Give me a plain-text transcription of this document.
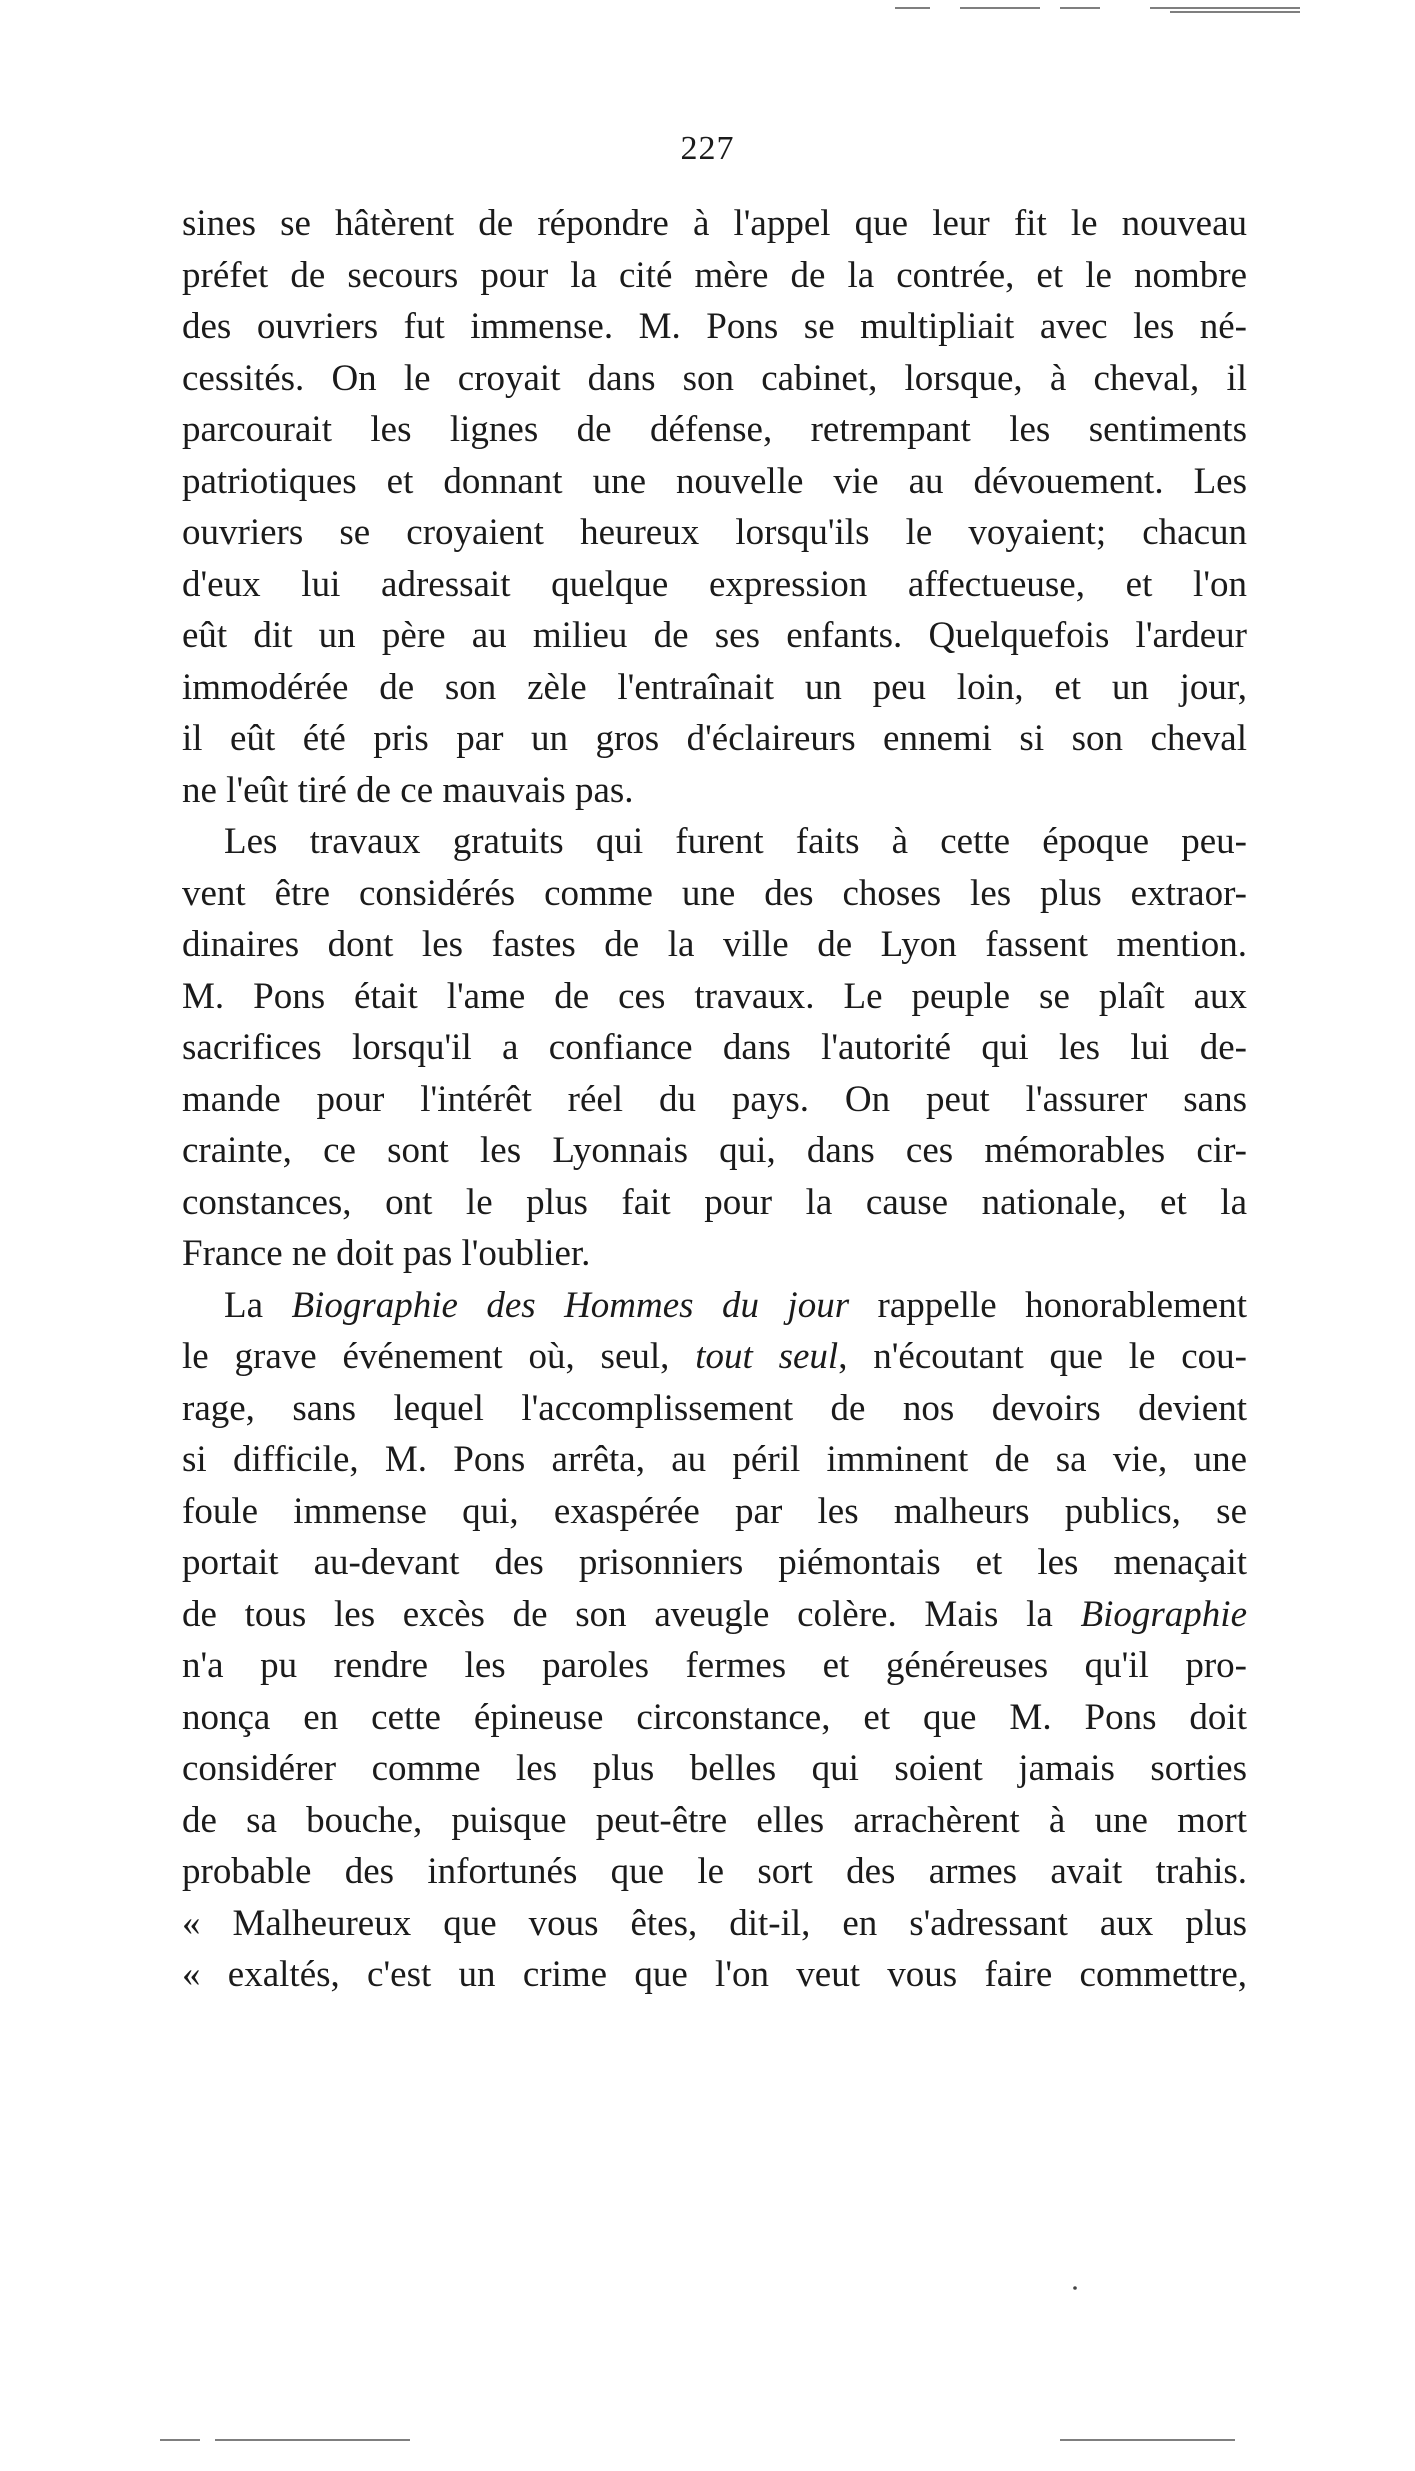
227
sines se hâtèrent de répondre à l'appel que leur fit le nouveau
préfet de secours pour la cité mère de la contrée, et le nombre
des ouvriers fut immense. M. Pons se multipliait avec les né-
cessités. On le croyait dans son cabinet, lorsque, à cheval, il
parcourait les lignes de défense, retrempant les sentiments
patriotiques et donnant une nouvelle vie au dévouement. Les
ouvriers se croyaient heureux lorsqu'ils le voyaient; chacun
d'eux lui adressait quelque expression affectueuse, et l'on
eût dit un père au milieu de ses enfants. Quelquefois l'ardeur
immodérée de son zèle l'entraînait un peu loin, et un jour,
il eût été pris par un gros d'éclaireurs ennemi si son cheval
ne l'eût tiré de ce mauvais pas.
Les travaux gratuits qui furent faits à cette époque peu-
vent être considérés comme une des choses les plus extraor-
dinaires dont les fastes de la ville de Lyon fassent mention.
M. Pons était l'ame de ces travaux. Le peuple se plaît aux
sacrifices lorsqu'il a confiance dans l'autorité qui les lui de-
mande pour l'intérêt réel du pays. On peut l'assurer sans
crainte, ce sont les Lyonnais qui, dans ces mémorables cir-
constances, ont le plus fait pour la cause nationale, et la
France ne doit pas l'oublier.
La Biographie des Hommes du jour rappelle honorablement
le grave événement où, seul, tout seul, n'écoutant que le cou-
rage, sans lequel l'accomplissement de nos devoirs devient
si difficile, M. Pons arrêta, au péril imminent de sa vie, une
foule immense qui, exaspérée par les malheurs publics, se
portait au-devant des prisonniers piémontais et les menaçait
de tous les excès de son aveugle colère. Mais la Biographie
n'a pu rendre les paroles fermes et généreuses qu'il pro-
nonça en cette épineuse circonstance, et que M. Pons doit
considérer comme les plus belles qui soient jamais sorties
de sa bouche, puisque peut-être elles arrachèrent à une mort
probable des infortunés que le sort des armes avait trahis.
« Malheureux que vous êtes, dit-il, en s'adressant aux plus
« exaltés, c'est un crime que l'on veut vous faire commettre,
